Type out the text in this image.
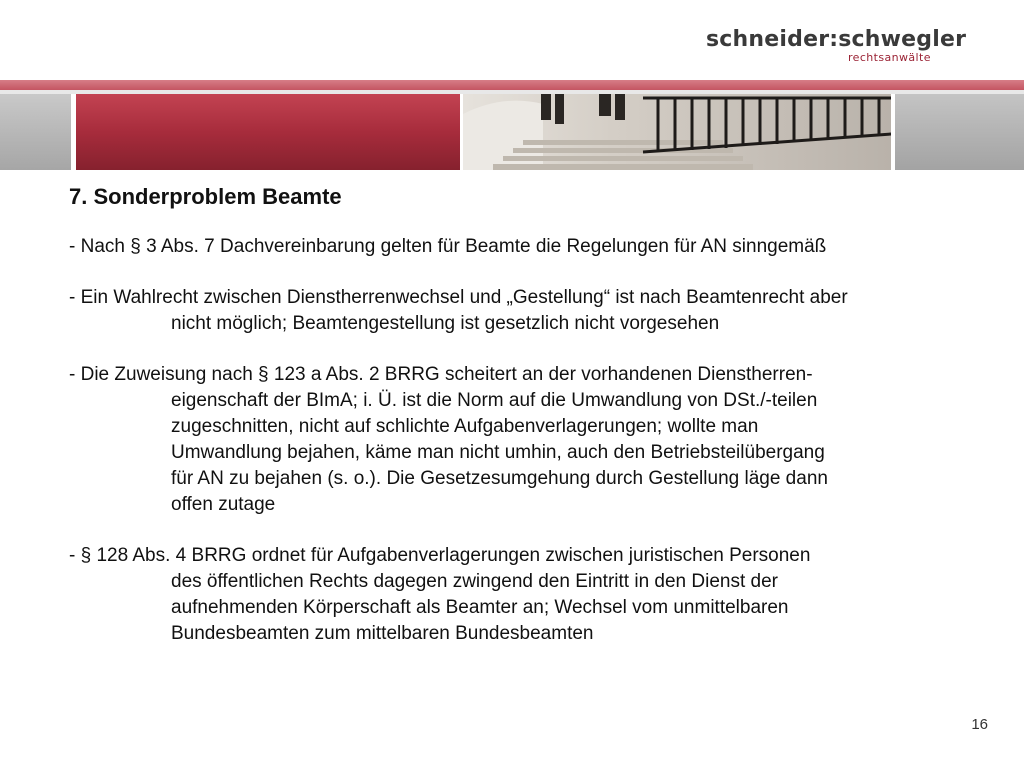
schneider:schwegler
rechtsanwälte
7. Sonderproblem Beamte
- Nach § 3 Abs. 7 Dachvereinbarung gelten für Beamte die Regelungen für AN sinngemäß
- Ein Wahlrecht zwischen Dienstherrenwechsel und „Gestellung“ ist nach Beamtenrecht aber
nicht möglich; Beamtengestellung ist gesetzlich nicht vorgesehen
- Die Zuweisung nach § 123 a Abs. 2 BRRG scheitert an der vorhandenen Dienstherren-
eigenschaft der BImA; i. Ü. ist die Norm auf die Umwandlung von DSt./-teilen
zugeschnitten, nicht auf schlichte Aufgabenverlagerungen; wollte man
Umwandlung bejahen, käme man nicht umhin, auch den Betriebsteilübergang
für AN zu bejahen (s. o.). Die Gesetzesumgehung durch Gestellung läge dann
offen zutage
- § 128 Abs. 4 BRRG ordnet für Aufgabenverlagerungen zwischen juristischen Personen
des öffentlichen Rechts dagegen zwingend den Eintritt in den Dienst der
aufnehmenden Körperschaft als Beamter an; Wechsel vom unmittelbaren
Bundesbeamten zum mittelbaren Bundesbeamten
16
